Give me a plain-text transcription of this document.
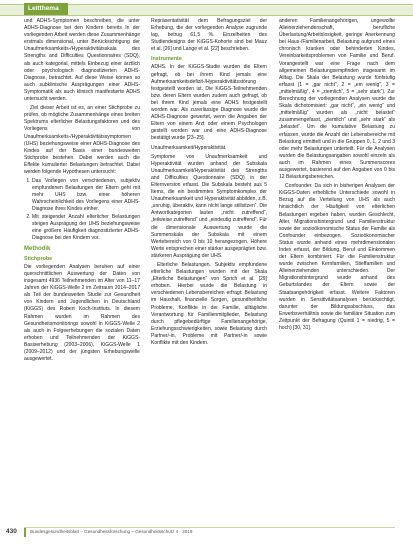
Leitthema

und ADHS-Symptomen beschreiben, die unter ADHS-Diagnose bei den Kindern bereits In der vorliegenden Arbeit werden diese Zusammenhänge erstmals dimensional, unter Berücksichtigung der Unaufmerksamkeits-/Hyperaktivitätsskala des Strengths and Difficulties Questionnaires (SDQ), als auch kategorial, mittels Einbezug einer ärztlich oder psychologisch diagnostizierten ADHS-Diagnose, betrachtet. Auf diese Weise können so auch subklinische Ausprägungen einer ADHS-Symptomatik als auch klinisch manifestierte ADHS untersucht werden.

Ziel dieser Arbeit ist es, an einer Stichprobe zu prüfen, ob mögliche Zusammenhänge eines breiten Spektrums elterlicher Belastungsfaktoren und des Vorliegens von Unaufmerksamkeits-/Hyperaktivitätssymptomen (UHS) beziehungsweise einer ADHS-Diagnose des Kindes auf der Basis einer bundesweiten Stichprobe bestehen. Dabei werden auch die Effekte kumulierter Belastungen betrachtet. Dabei werden folgende Hypothesen untersucht:

1. Das Vorliegen von verschiedenen, subjektiv empfundenen Belastungen der Eltern geht mit mehr UHS bzw. einer höheren Wahrscheinlichkeit des Vorliegens einer ADHS-Diagnose ihres Kindes einher.
2. Mit steigender Anzahl elterlicher Belastungen steigen Ausprägung der UHS beziehungsweise eine größere Häufigkeit diagnostizierter ADHS-Diagnose bei den Kindern vor.
Methodik
Stichprobe

Die vorliegenden Analysen beruhen auf einer querschnittlichen Auswertung der Daten von insgesamt 4936 Teilnehmenden im Alter von 11–17 Jahren der KiGGS-Welle 2 im Zeitraum 2014–2017 als Teil der bundesweiten Studie zur Gesundheit von Kindern und Jugendlichen in Deutschland (KiGGS) des Robert Koch-Instituts. In diesem Rahmen wurden im Rahmen des Gesundheitsmonitorings sowohl in KiGGS-Welle 2 als auch in Folgeerhebungen die sozialen Daten erhoben und Teilnehmenden der KiGGS-Basiserhebung (2003–2006), KiGGS-Welle 1 (2009–2012) und der jüngsten Erhebungswelle ausgewertet.

Repräsentativität dem Befragungsziel der Erhebung, die der vorliegenden Analyse zugrunde lag, betrug 61,5 %. Einzelheiten des Studiendesigns der KiGGS-Kohorte sind bei Mauz et al. [26] und Lange et al. [22] beschrieben.

Instrumente

ADHS. In der KiGGS-Studie wurden die Eltern gefragt, ob bei ihrem Kind jemals eine Aufmerksamkeitsdefizit-/Hyperaktivitätsstörung festgestellt worden ist. Die KiGGS-Teilnehmenden bzw. deren Eltern wurden zudem auch gefragt, ob bei ihrem Kind jemals eine ADHS festgestellt worden war. Als zuverlässige Diagnose wurde die ADHS-Diagnose gewertet, wenn die Angaben der Eltern von einem Arzt oder einem Psychologen gestellt worden war und eine ADHS-Diagnose bestätigt wurde [23–25].

Unaufmerksamkeit/Hyperaktivität.

Symptome von Unaufmerksamkeit und Hyperaktivität wurden anhand der Subskala Unaufmerksamkeit/Hyperaktivität des Strengths and Difficulties Questionnaire (SDQ) in der Elternversion erfasst. Die Subskala besteht aus 5 Items, die ein bestimmtes Symptomkomplex der Unaufmerksamkeit und Hyperaktivität abbilden, z.B. „unruhig, überaktiv, kann nicht lange stillsitzen“. Die Antwortkategorien lauten „nicht zutreffend“, „teilweise zutreffend“ und „eindeutig zutreffend“. Für die dimensionale Auswertung wurde die Summenskala der Subskala mit einem Wertebereich von 0 bis 10 herangezogen. Höhere Werte entsprechen einer stärker ausgeprägten bzw. stärkeren Ausprägung der UHS.

Elterliche Belastungen. Subjektiv empfundene elterliche Belastungen wurden mit der Skala „Elterliche Belastungen“ von Sprich et al. [29] erhoben. Hierbei wurde die Belastung in verschiedenen Lebensbereichen erfragt: Belastung im Haushalt, finanzielle Sorgen, gesundheitliche Probleme, Konflikte in der Familie, alltägliche Verantwortung für Familienmitglieder, Belastung durch pflegebedürftige Familienangehörige, Erziehungsschwierigkeiten, sowie Belastung durch Partner/-in, Probleme mit Partner/-in sowie Konflikte mit den Kindern.

anderen Familienangehörigen, ungewollte Alleinerziehendenschaft, berufliche Überlastung/Arbeitslosigkeit, geringe Anerkennung bei Haus-/Familienarbeit, Belastung aufgrund eines chronisch kranken oder behinderten Kindes, Vereinbarkeitsproblemen von Familie und Beruf. Vorangestellt war eine Frage nach dem allgemeinen Belastungsempfinden insgesamt im Alltag. Die Skala der Belastung wurde fünfstufig erfasst (1 = „gar nicht“, 2 = „ein wenig“, 3 = „mittelmäßig“, 4 = „ziemlich“, 5 = „sehr stark“). Zur Berechnung der vorliegenden Analysen wurde die Skala dichotomisiert: „gar nicht“, „ein wenig“ und „mittelmäßig“ wurden als „nicht belastet“ zusammengefasst, „ziemlich“ und „sehr stark“ als „belastet“. Um die kumulative Belastung zu erfassen, wurde die Anzahl der Lebensbereiche mit Belastung ermittelt und in die Gruppen 0, 1, 2 und 3 oder mehr Belastungen unterteilt. Für die Analysen wurden die Belastungsangaben sowohl einzeln als auch im Rahmen eines Summenscores ausgewertet, basierend auf den Angaben von 0 bis 12 Belastungsbereichen.

Confounder. Da sich in bisherigen Analysen der KiGGS-Daten erhebliche Unterschiede sowohl in Bezug auf die Verteilung von UHS als auch hinsichtlich der Häufigkeit von elterlichen Belastungen ergeben haben, wurden Geschlecht, Alter, Migrationshintergrund und Familienstruktur sowie der sozioökonomische Status der Familie als Confounder einbezogen. Sozioökonomischer Status wurde anhand eines mehrdimensionalen Index erfasst, der Bildung, Beruf und Einkommen der Eltern kombiniert. Für die Familienstruktur wurde zwischen Kernfamilien, Stieffamilien und Alleinerziehenden unterschieden. Der Migrationshintergrund wurde anhand des Geburtslandes der Eltern sowie der Staatsangehörigkeit erfasst. Weitere Faktoren wurden in Sensitivitätsanalysen berücksichtigt, darunter der Bildungsabschluss, das Erwerbsverhältnis sowie die familiäre Situation zum Zeitpunkt der Befragung (Quintil 1 = niedrig, 5 = hoch) [30, 31].

430	Bundesgesundheitsblatt – Gesundheitsforschung – Gesundheitsschutz 4 · 2019
